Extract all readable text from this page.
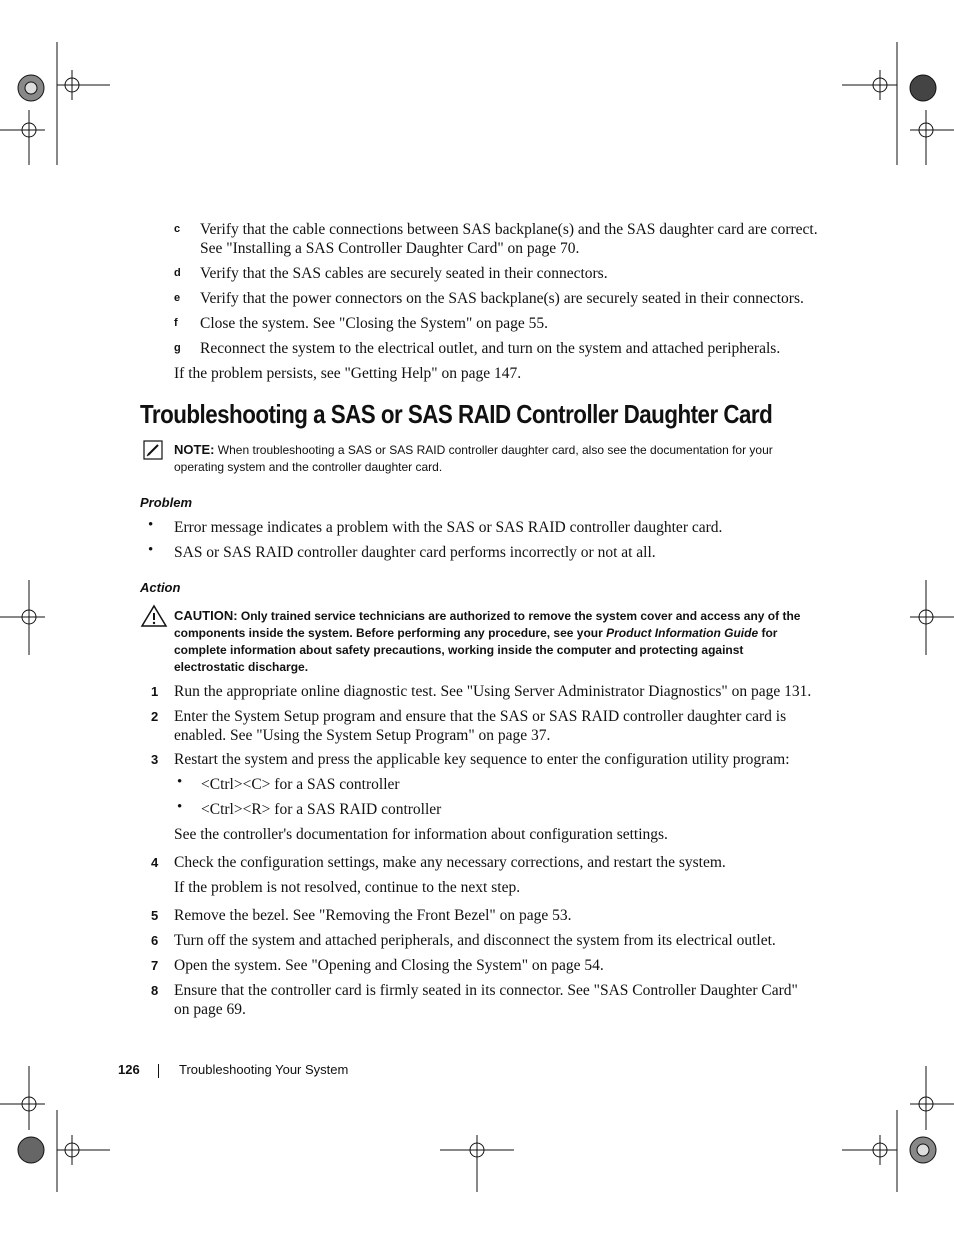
c Verify that the cable connections between SAS backplane(s) and the SAS daughter card are correct. See "Installing a SAS Controller Daughter Card" on page 70.
d Verify that the SAS cables are securely seated in their connectors.
e Verify that the power connectors on the SAS backplane(s) are securely seated in their connectors.
f Close the system. See "Closing the System" on page 55.
g Reconnect the system to the electrical outlet, and turn on the system and attached peripherals.
If the problem persists, see "Getting Help" on page 147.
Troubleshooting a SAS or SAS RAID Controller Daughter Card
NOTE: When troubleshooting a SAS or SAS RAID controller daughter card, also see the documentation for your operating system and the controller daughter card.
Problem
• Error message indicates a problem with the SAS or SAS RAID controller daughter card.
• SAS or SAS RAID controller daughter card performs incorrectly or not at all.
Action
CAUTION: Only trained service technicians are authorized to remove the system cover and access any of the components inside the system. Before performing any procedure, see your Product Information Guide for complete information about safety precautions, working inside the computer and protecting against electrostatic discharge.
1 Run the appropriate online diagnostic test. See "Using Server Administrator Diagnostics" on page 131.
2 Enter the System Setup program and ensure that the SAS or SAS RAID controller daughter card is enabled. See "Using the System Setup Program" on page 37.
3 Restart the system and press the applicable key sequence to enter the configuration utility program:
• <Ctrl><C> for a SAS controller
• <Ctrl><R> for a SAS RAID controller
See the controller's documentation for information about configuration settings.
4 Check the configuration settings, make any necessary corrections, and restart the system.
If the problem is not resolved, continue to the next step.
5 Remove the bezel. See "Removing the Front Bezel" on page 53.
6 Turn off the system and attached peripherals, and disconnect the system from its electrical outlet.
7 Open the system. See "Opening and Closing the System" on page 54.
8 Ensure that the controller card is firmly seated in its connector. See "SAS Controller Daughter Card" on page 69.
126	Troubleshooting Your System
